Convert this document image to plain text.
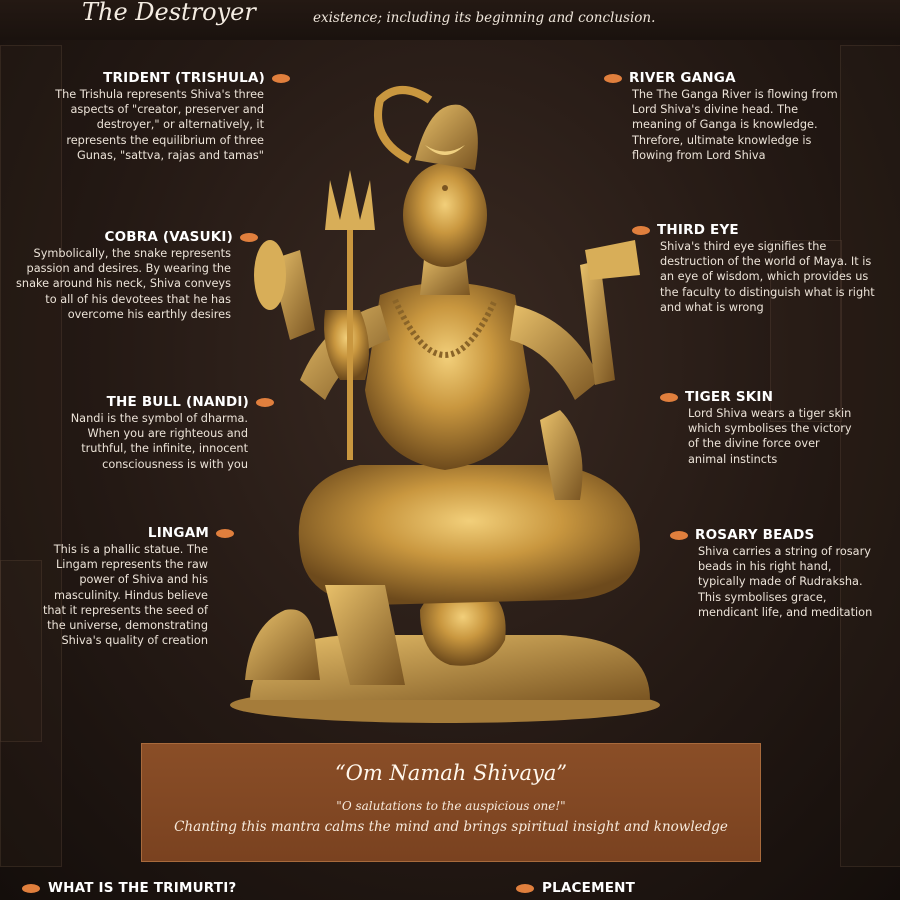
The Destroyer	existence; including its beginning and conclusion.
TRIDENT (TRISHULA)

The Trishula represents Shiva's three aspects of "creator, preserver and destroyer," or alternatively, it represents the equilibrium of three Gunas, "sattva, rajas and tamas"

COBRA (VASUKI)

Symbolically, the snake represents passion and desires. By wearing the snake around his neck, Shiva conveys to all of his devotees that he has overcome his earthly desires

THE BULL (NANDI)

Nandi is the symbol of dharma. When you are righteous and truthful, the infinite, innocent consciousness is with you

LINGAM

This is a phallic statue. The Lingam represents the raw power of Shiva and his masculinity. Hindus believe that it represents the seed of the universe, demonstrating Shiva's quality of creation

RIVER GANGA

The The Ganga River is flowing from Lord Shiva's divine head. The meaning of Ganga is knowledge. Threfore, ultimate knowledge is flowing from Lord Shiva

THIRD EYE

Shiva's third eye signifies the destruction of the world of Maya. It is an eye of wisdom, which provides us the faculty to distinguish what is right and what is wrong

TIGER SKIN

Lord Shiva wears a tiger skin which symbolises the victory of the divine force over animal instincts

ROSARY BEADS

Shiva carries a string of rosary beads in his right hand, typically made of Rudraksha. This symbolises grace, mendicant life, and meditation

“Om Namah Shivaya”
"O salutations to the auspicious one!"
Chanting this mantra calms the mind and brings spiritual insight and knowledge
WHAT IS THE TRIMURTI?	PLACEMENT
